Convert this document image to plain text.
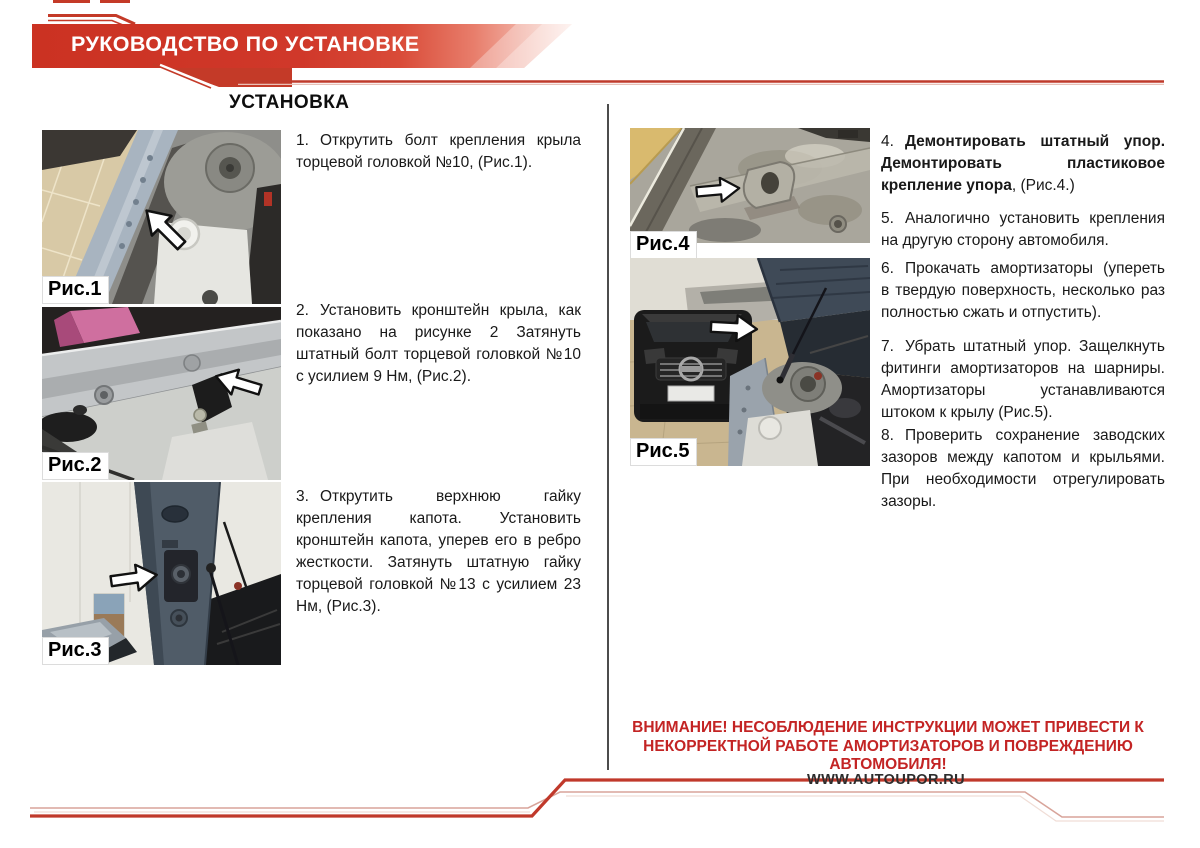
РУКОВОДСТВО ПО УСТАНОВКЕ
УСТАНОВКА
Рис.1
Рис.2
Рис.3
Рис.4
Рис.5

1. Открутить болт крепления крыла торцевой головкой №10, (Рис.1).

2. Установить кронштейн крыла, как показано на рисунке 2 Затянуть штатный болт торцевой головкой №10 с усилием 9 Нм, (Рис.2).

3. Открутить верхнюю гайку крепления капота. Установить кронштейн капота, уперев его в ребро жесткости. Затянуть штатную гайку торцевой головкой №13 с усилием 23 Нм, (Рис.3).

4. Демонтировать штатный упор. Демонтировать пластиковое крепление упора, (Рис.4.)

5. Аналогично установить крепления на другую сторону автомобиля.

6. Прокачать амортизаторы (упереть в твердую поверхность, несколько раз полностью сжать и отпустить).

7. Убрать штатный упор. Защелкнуть фитинги амортизаторов на шарниры. Амортизаторы устанавливаются штоком к крылу (Рис.5).

8. Проверить сохранение заводских зазоров между капотом и крыльями. При необходимости отрегулировать зазоры.

ВНИМАНИЕ! НЕСОБЛЮДЕНИЕ ИНСТРУКЦИИ МОЖЕТ ПРИВЕСТИ К
НЕКОРРЕКТНОЙ РАБОТЕ АМОРТИЗАТОРОВ И ПОВРЕЖДЕНИЮ
АВТОМОБИЛЯ!
WWW.AUTOUPOR.RU
